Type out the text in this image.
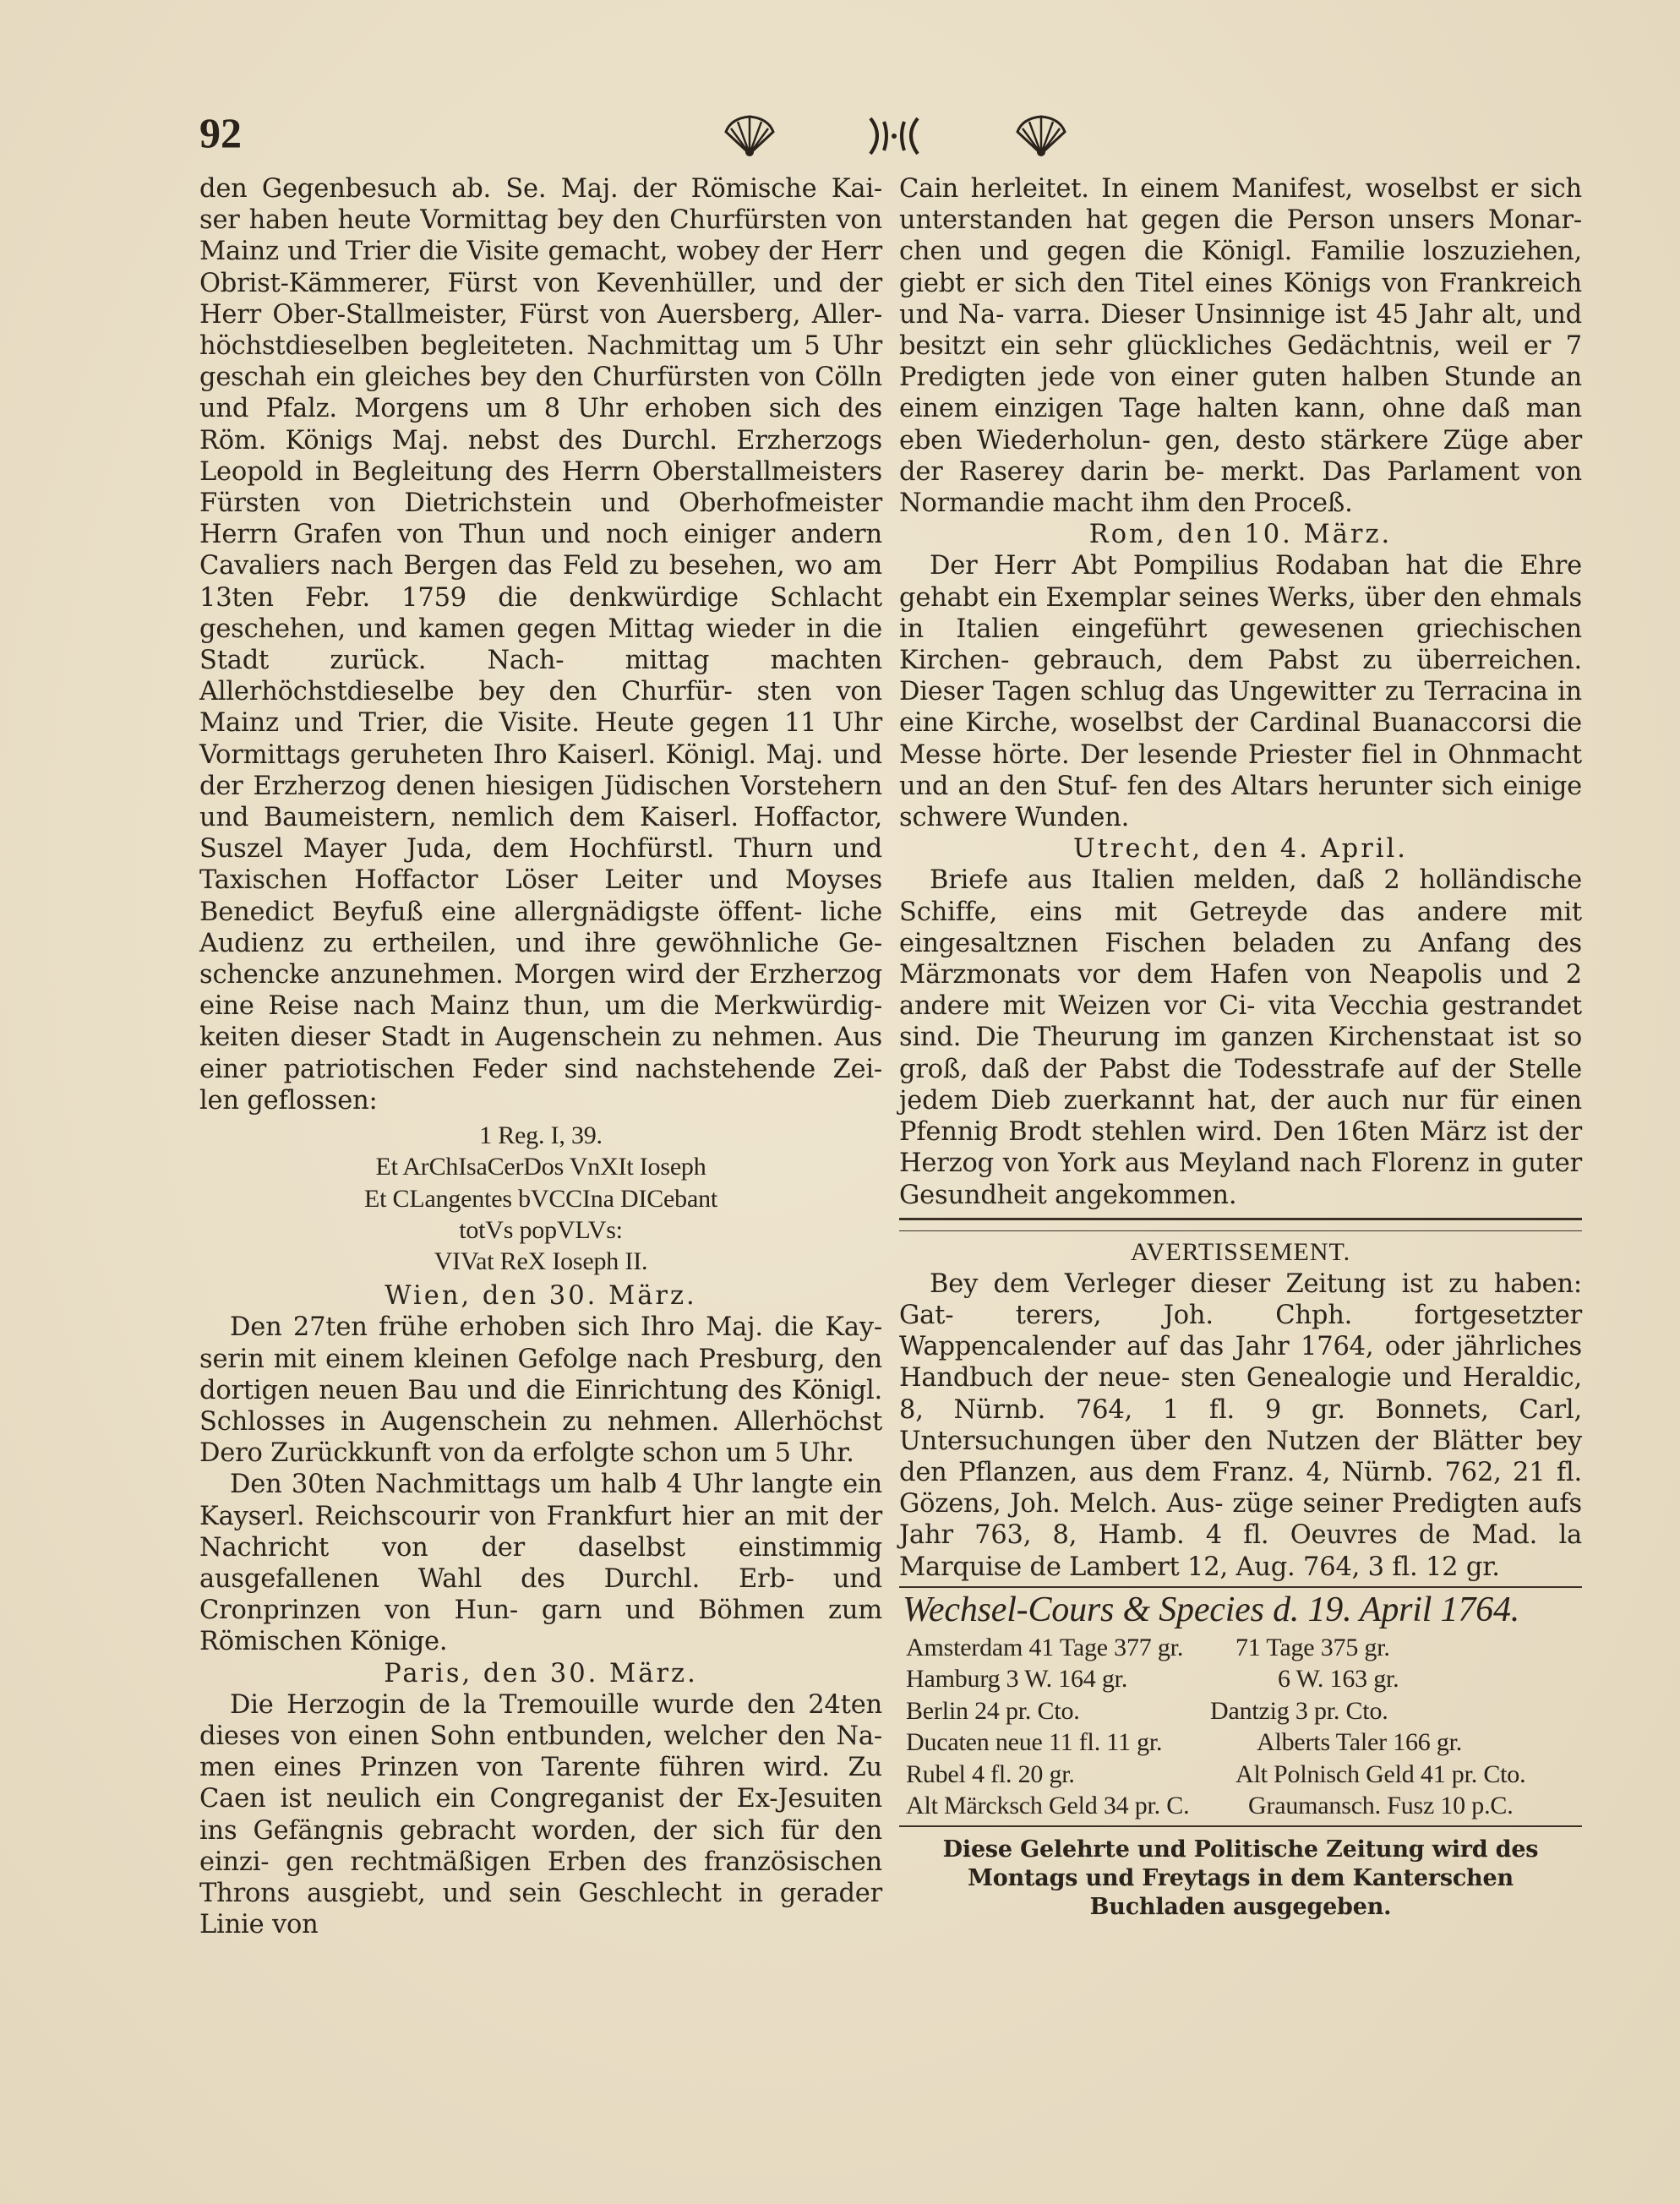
92

den Gegenbesuch ab. Se. Maj. der Römische Kai- ser haben heute Vormittag bey den Churfürsten von Mainz und Trier die Visite gemacht, wobey der Herr Obrist-Kämmerer, Fürst von Kevenhüller, und der Herr Ober-Stallmeister, Fürst von Auersberg, Aller- höchstdieselben begleiteten. Nachmittag um 5 Uhr geschah ein gleiches bey den Churfürsten von Cölln und Pfalz. Morgens um 8 Uhr erhoben sich des Röm. Königs Maj. nebst des Durchl. Erzherzogs Leopold in Begleitung des Herrn Oberstallmeisters Fürsten von Dietrichstein und Oberhofmeister Herrn Grafen von Thun und noch einiger andern Cavaliers nach Bergen das Feld zu besehen, wo am 13ten Febr. 1759 die denkwürdige Schlacht geschehen, und kamen gegen Mittag wieder in die Stadt zurück. Nach- mittag machten Allerhöchstdieselbe bey den Churfür- sten von Mainz und Trier, die Visite. Heute gegen 11 Uhr Vormittags geruheten Ihro Kaiserl. Königl. Maj. und der Erzherzog denen hiesigen Jüdischen Vorstehern und Baumeistern, nemlich dem Kaiserl. Hoffactor, Suszel Mayer Juda, dem Hochfürstl. Thurn und Taxischen Hoffactor Löser Leiter und Moyses Benedict Beyfuß eine allergnädigste öffent- liche Audienz zu ertheilen, und ihre gewöhnliche Ge- schencke anzunehmen. Morgen wird der Erzherzog eine Reise nach Mainz thun, um die Merkwürdig- keiten dieser Stadt in Augenschein zu nehmen. Aus einer patriotischen Feder sind nachstehende Zei- len geflossen:

1 Reg. I, 39.
Et ArChIsaCerDos VnXIt Ioseph
Et CLangentes bVCCIna DICebant
totVs popVLVs:
VIVat ReX Ioseph II.

Wien, den 30. März.

Den 27ten frühe erhoben sich Ihro Maj. die Kay- serin mit einem kleinen Gefolge nach Presburg, den dortigen neuen Bau und die Einrichtung des Königl. Schlosses in Augenschein zu nehmen. Allerhöchst Dero Zurückkunft von da erfolgte schon um 5 Uhr.

Den 30ten Nachmittags um halb 4 Uhr langte ein Kayserl. Reichscourir von Frankfurt hier an mit der Nachricht von der daselbst einstimmig ausgefallenen Wahl des Durchl. Erb- und Cronprinzen von Hun- garn und Böhmen zum Römischen Könige.

Paris, den 30. März.

Die Herzogin de la Tremouille wurde den 24ten dieses von einen Sohn entbunden, welcher den Na- men eines Prinzen von Tarente führen wird. Zu Caen ist neulich ein Congreganist der Ex-Jesuiten ins Gefängnis gebracht worden, der sich für den einzi- gen rechtmäßigen Erben des französischen Throns ausgiebt, und sein Geschlecht in gerader Linie von

Cain herleitet. In einem Manifest, woselbst er sich unterstanden hat gegen die Person unsers Monar- chen und gegen die Königl. Familie loszuziehen, giebt er sich den Titel eines Königs von Frankreich und Na- varra. Dieser Unsinnige ist 45 Jahr alt, und besitzt ein sehr glückliches Gedächtnis, weil er 7 Predigten jede von einer guten halben Stunde an einem einzigen Tage halten kann, ohne daß man eben Wiederholun- gen, desto stärkere Züge aber der Raserey darin be- merkt. Das Parlament von Normandie macht ihm den Proceß.

Rom, den 10. März.

Der Herr Abt Pompilius Rodaban hat die Ehre gehabt ein Exemplar seines Werks, über den ehmals in Italien eingeführt gewesenen griechischen Kirchen- gebrauch, dem Pabst zu überreichen. Dieser Tagen schlug das Ungewitter zu Terracina in eine Kirche, woselbst der Cardinal Buanaccorsi die Messe hörte. Der lesende Priester fiel in Ohnmacht und an den Stuf- fen des Altars herunter sich einige schwere Wunden.

Utrecht, den 4. April.

Briefe aus Italien melden, daß 2 holländische Schiffe, eins mit Getreyde das andere mit eingesaltznen Fischen beladen zu Anfang des Märzmonats vor dem Hafen von Neapolis und 2 andere mit Weizen vor Ci- vita Vecchia gestrandet sind. Die Theurung im ganzen Kirchenstaat ist so groß, daß der Pabst die Todesstrafe auf der Stelle jedem Dieb zuerkannt hat, der auch nur für einen Pfennig Brodt stehlen wird. Den 16ten März ist der Herzog von York aus Meyland nach Florenz in guter Gesundheit angekommen.

AVERTISSEMENT.

Bey dem Verleger dieser Zeitung ist zu haben: Gat- terers, Joh. Chph. fortgesetzter Wappencalender auf das Jahr 1764, oder jährliches Handbuch der neue- sten Genealogie und Heraldic, 8, Nürnb. 764, 1 fl. 9 gr. Bonnets, Carl, Untersuchungen über den Nutzen der Blätter bey den Pflanzen, aus dem Franz. 4, Nürnb. 762, 21 fl. Gözens, Joh. Melch. Aus- züge seiner Predigten aufs Jahr 763, 8, Hamb. 4 fl. Oeuvres de Mad. la Marquise de Lambert 12, Aug. 764, 3 fl. 12 gr.

Wechsel-Cours & Species d. 19. April 1764.
Amsterdam 41 Tage 377 gr.	71 Tage 375 gr.
Hamburg 3 W. 164 gr.	6 W. 163 gr.
Berlin 24 pr. Cto.	Dantzig 3 pr. Cto.
Ducaten neue 11 fl. 11 gr.	Alberts Taler 166 gr.
Rubel 4 fl. 20 gr.	Alt Polnisch Geld 41 pr. Cto.
Alt Märcksch Geld 34 pr. C.	Graumansch. Fusz 10 p.C.
Diese Gelehrte und Politische Zeitung wird des Montags und Freytags in dem Kanterschen Buchladen ausgegeben.
